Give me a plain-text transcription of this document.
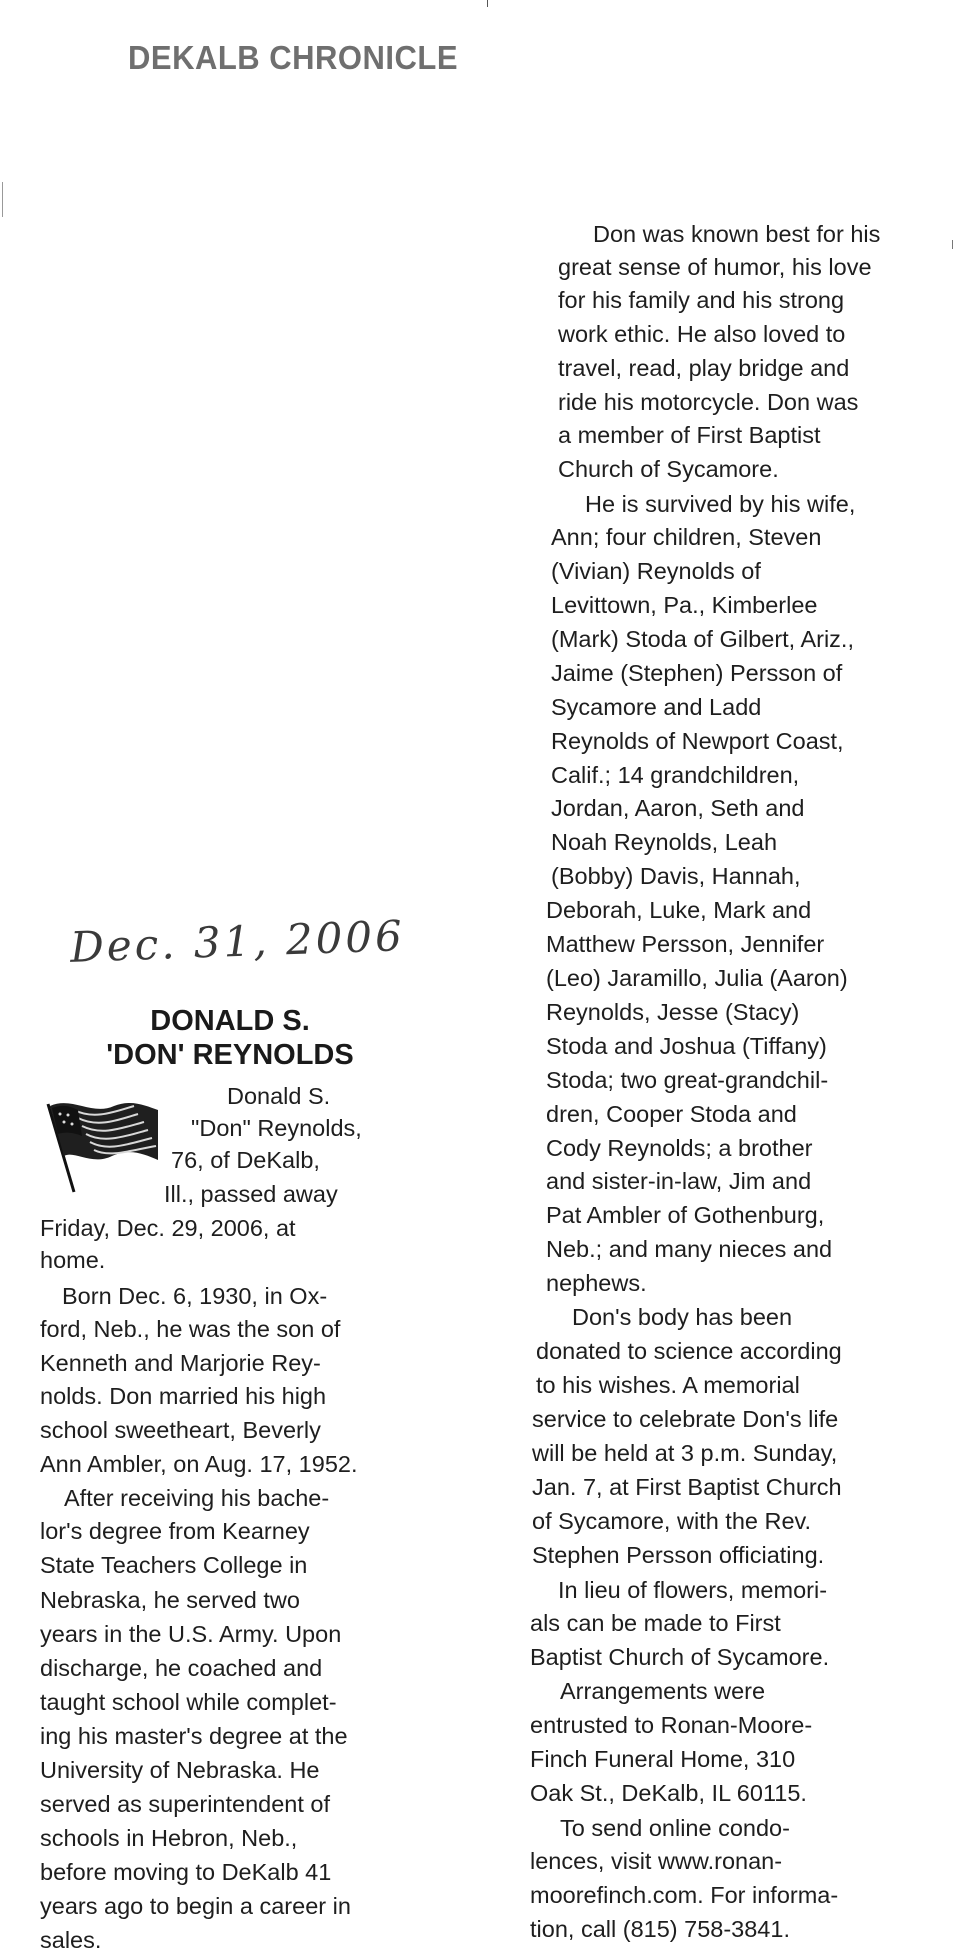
DEKALB CHRONICLE
Dec. 31, 2006
DONALD S.
'DON' REYNOLDS
Donald S.
"Don" Reynolds,
76, of DeKalb,
Ill., passed away
Friday, Dec. 29, 2006, at
home.
Born Dec. 6, 1930, in Ox-
ford, Neb., he was the son of
Kenneth and Marjorie Rey-
nolds. Don married his high
school sweetheart, Beverly
Ann Ambler, on Aug. 17, 1952.
After receiving his bache-
lor's degree from Kearney
State Teachers College in
Nebraska, he served two
years in the U.S. Army. Upon
discharge, he coached and
taught school while complet-
ing his master's degree at the
University of Nebraska. He
served as superintendent of
schools in Hebron, Neb.,
before moving to DeKalb 41
years ago to begin a career in
sales.
Don was known best for his
great sense of humor, his love
for his family and his strong
work ethic. He also loved to
travel, read, play bridge and
ride his motorcycle. Don was
a member of First Baptist
Church of Sycamore.
He is survived by his wife,
Ann; four children, Steven
(Vivian) Reynolds of
Levittown, Pa., Kimberlee
(Mark) Stoda of Gilbert, Ariz.,
Jaime (Stephen) Persson of
Sycamore and Ladd
Reynolds of Newport Coast,
Calif.; 14 grandchildren,
Jordan, Aaron, Seth and
Noah Reynolds, Leah
(Bobby) Davis, Hannah,
Deborah, Luke, Mark and
Matthew Persson, Jennifer
(Leo) Jaramillo, Julia (Aaron)
Reynolds, Jesse (Stacy)
Stoda and Joshua (Tiffany)
Stoda; two great-grandchil-
dren, Cooper Stoda and
Cody Reynolds; a brother
and sister-in-law, Jim and
Pat Ambler of Gothenburg,
Neb.; and many nieces and
nephews.
Don's body has been
donated to science according
to his wishes. A memorial
service to celebrate Don's life
will be held at 3 p.m. Sunday,
Jan. 7, at First Baptist Church
of Sycamore, with the Rev.
Stephen Persson officiating.
In lieu of flowers, memori-
als can be made to First
Baptist Church of Sycamore.
Arrangements were
entrusted to Ronan-Moore-
Finch Funeral Home, 310
Oak St., DeKalb, IL 60115.
To send online condo-
lences, visit www.ronan-
moorefinch.com. For informa-
tion, call (815) 758-3841.
